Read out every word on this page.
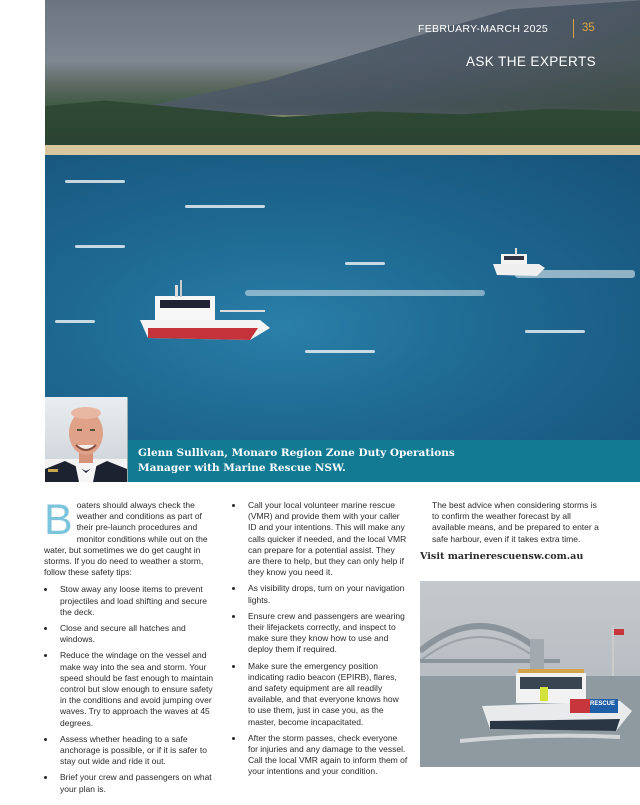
FEBRUARY-MARCH 2025	35
ASK THE EXPERTS
Glenn Sullivan, Monaro Region Zone Duty Operations Manager with Marine Rescue NSW.

Boaters should always check the weather and conditions as part of their pre-launch procedures and monitor conditions while out on the water, but sometimes we do get caught in storms. If you do need to weather a storm, follow these safety tips:

• Stow away any loose items to prevent projectiles and load shifting and secure the deck.
• Close and secure all hatches and windows.
• Reduce the windage on the vessel and make way into the sea and storm. Your speed should be fast enough to maintain control but slow enough to ensure safety in the conditions and avoid jumping over waves. Try to approach the waves at 45 degrees.
• Assess whether heading to a safe anchorage is possible, or if it is safer to stay out wide and ride it out.
• Brief your crew and passengers on what your plan is.
• Call your local volunteer marine rescue (VMR) and provide them with your caller ID and your intentions. This will make any calls quicker if needed, and the local VMR can prepare for a potential assist. They are there to help, but they can only help if they know you need it.
• As visibility drops, turn on your navigation lights.
• Ensure crew and passengers are wearing their lifejackets correctly, and inspect to make sure they know how to use and deploy them if required.
• Make sure the emergency position indicating radio beacon (EPIRB), flares, and safety equipment are all readily available, and that everyone knows how to use them, just in case you, as the master, become incapacitated.
• After the storm passes, check everyone for injuries and any damage to the vessel. Call the local VMR again to inform them of your intentions and your condition.

The best advice when considering storms is to confirm the weather forecast by all available means, and be prepared to enter a safe harbour, even if it takes extra time.

Visit marinerescuensw.com.au

RESCUE
